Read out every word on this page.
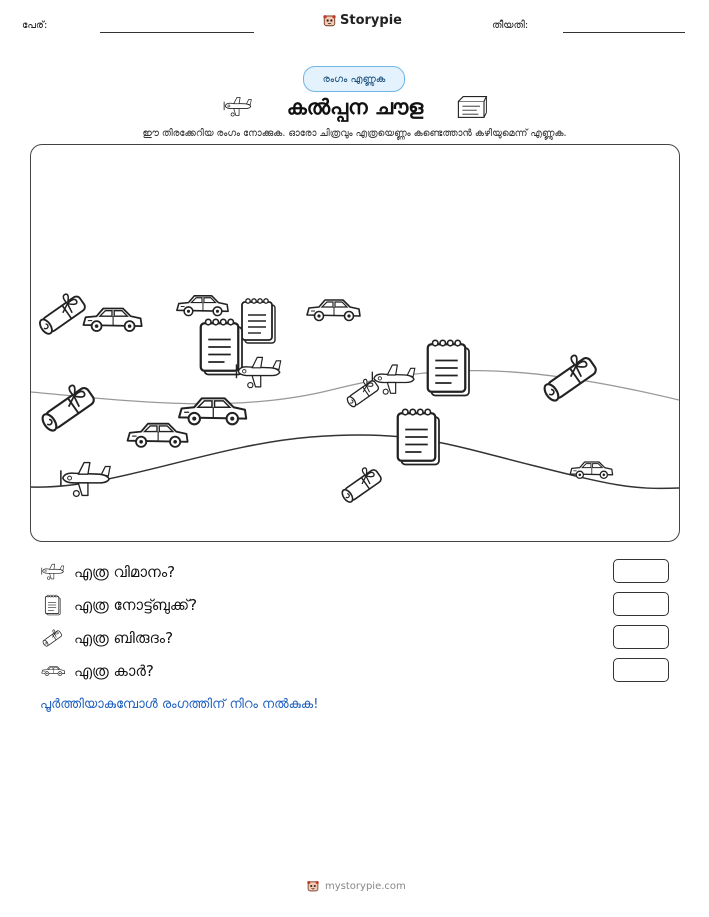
പേര്:	Storypie	തീയതി:
രംഗം എണ്ണുക
കൽപ്പന ചൗള
ഈ തിരക്കേറിയ രംഗം നോക്കുക. ഓരോ ചിത്രവും എത്രയെണ്ണം കണ്ടെത്താൻ കഴിയുമെന്ന് എണ്ണുക.
എത്ര വിമാനം?
എത്ര നോട്ട്ബുക്ക്?
എത്ര ബിരുദം?
എത്ര കാർ?
പൂർത്തിയാകുമ്പോൾ രംഗത്തിന് നിറം നൽകുക!
mystorypie.com
